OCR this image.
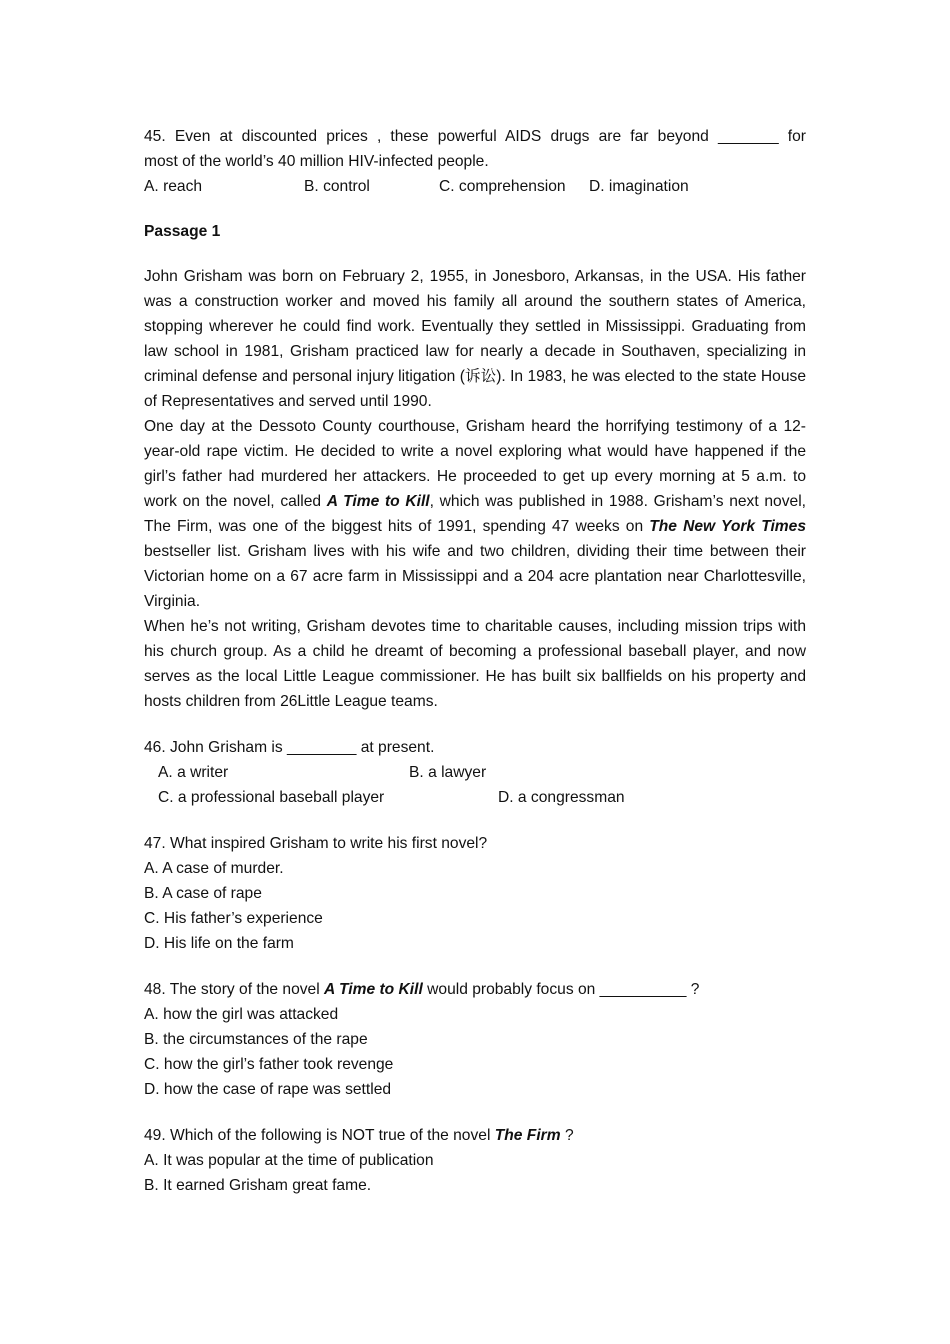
45. Even at discounted prices , these powerful AIDS drugs are far beyond _______ for

most of the world’s 40 million HIV-infected people.

A. reach	B. control	C. comprehension	D. imagination

Passage 1

John Grisham was born on February 2, 1955, in Jonesboro, Arkansas, in the USA. His father was a construction worker and moved his family all around the southern states of America, stopping wherever he could find work. Eventually they settled in Mississippi. Graduating from law school in 1981, Grisham practiced law for nearly a decade in Southaven, specializing in criminal defense and personal injury litigation (诉讼). In 1983, he was elected to the state House of Representatives and served until 1990.

One day at the Dessoto County courthouse, Grisham heard the horrifying testimony of a 12-year-old rape victim. He decided to write a novel exploring what would have happened if the girl’s father had murdered her attackers. He proceeded to get up every morning at 5 a.m. to work on the novel, called A Time to Kill, which was published in 1988. Grisham’s next novel, The Firm, was one of the biggest hits of 1991, spending 47 weeks on The New York Times bestseller list. Grisham lives with his wife and two children, dividing their time between their Victorian home on a 67 acre farm in Mississippi and a 204 acre plantation near Charlottesville, Virginia.

When he’s not writing, Grisham devotes time to charitable causes, including mission trips with his church group. As a child he dreamt of becoming a professional baseball player, and now serves as the local Little League commissioner. He has built six ballfields on his property and hosts children from 26Little League teams.

46. John Grisham is ________ at present.

A. a writer	B. a lawyer
C. a professional baseball player	D. a congressman

47. What inspired Grisham to write his first novel?

A. A case of murder.
B. A case of rape
C. His father’s experience
D. His life on the farm

48. The story of the novel A Time to Kill would probably focus on __________ ?

A. how the girl was attacked
B. the circumstances of the rape
C. how the girl’s father took revenge
D. how the case of rape was settled

49. Which of the following is NOT true of the novel The Firm ?

A. It was popular at the time of publication
B. It earned Grisham great fame.
